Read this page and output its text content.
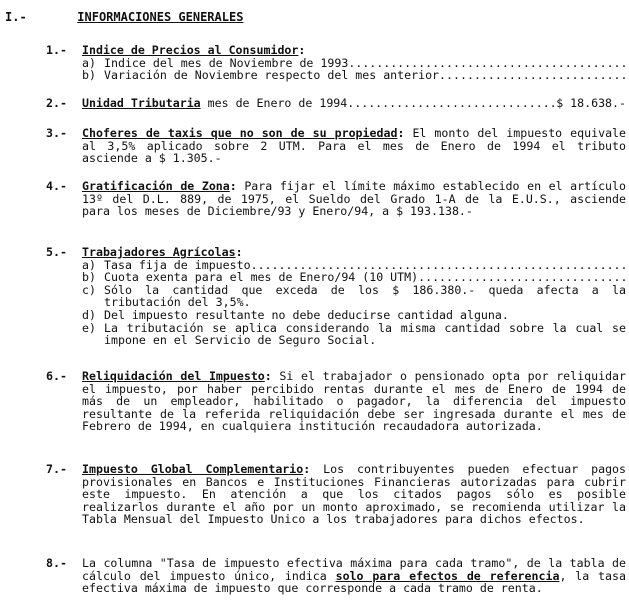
I.-	INFORMACIONES GENERALES
1.- Indice de Precios al Consumidor:
a) Indice del mes de Noviembre de 1993
.....
b) Variación de Noviembre respecto del mes anterior
.....
2.- Unidad Tributaria
mes de Enero de 1994
.....	$ 18.638.-
3.- Choferes de taxis que no son de su propiedad: El monto del impuesto equivale al 3,5% aplicado sobre 2 UTM. Para el mes de Enero de 1994 el tributo asciende a $ 1.305.-
4.- Gratificación de Zona: Para fijar el límite máximo establecido en el artículo 13º del D.L. 889, de 1975, el Sueldo del Grado 1-A de la E.U.S., asciende para los meses de Diciembre/93 y Enero/94, a $ 193.138.-
5.- Trabajadores Agrícolas:
a) Tasa fija de impuesto
.....
b) Cuota exenta para el mes de Enero/94 (10 UTM)
.....
c) Sólo la cantidad que exceda de los $ 186.380.- queda afecta a la tributación del 3,5%.
d) Del impuesto resultante no debe deducirse cantidad alguna.
e) La tributación se aplica considerando la misma cantidad sobre la cual se impone en el Servicio de Seguro Social.
6.- Reliquidación del Impuesto: Si el trabajador o pensionado opta por reliquidar el impuesto, por haber percibido rentas durante el mes de Enero de 1994 de más de un empleador, habilitado o pagador, la diferencia del impuesto resultante de la referida reliquidación debe ser ingresada durante el mes de Febrero de 1994, en cualquiera institución recaudadora autorizada.
7.- Impuesto Global Complementario: Los contribuyentes pueden efectuar pagos provisionales en Bancos e Instituciones Financieras autorizadas para cubrir este impuesto. En atención a que los citados pagos sólo es posible realizarlos durante el año por un monto aproximado, se recomienda utilizar la Tabla Mensual del Impuesto Unico a los trabajadores para dichos efectos.
8.- La columna "Tasa de impuesto efectiva máxima para cada tramo", de la tabla de cálculo del impuesto único, indica solo para efectos de referencia, la tasa efectiva máxima de impuesto que corresponde a cada tramo de renta.
